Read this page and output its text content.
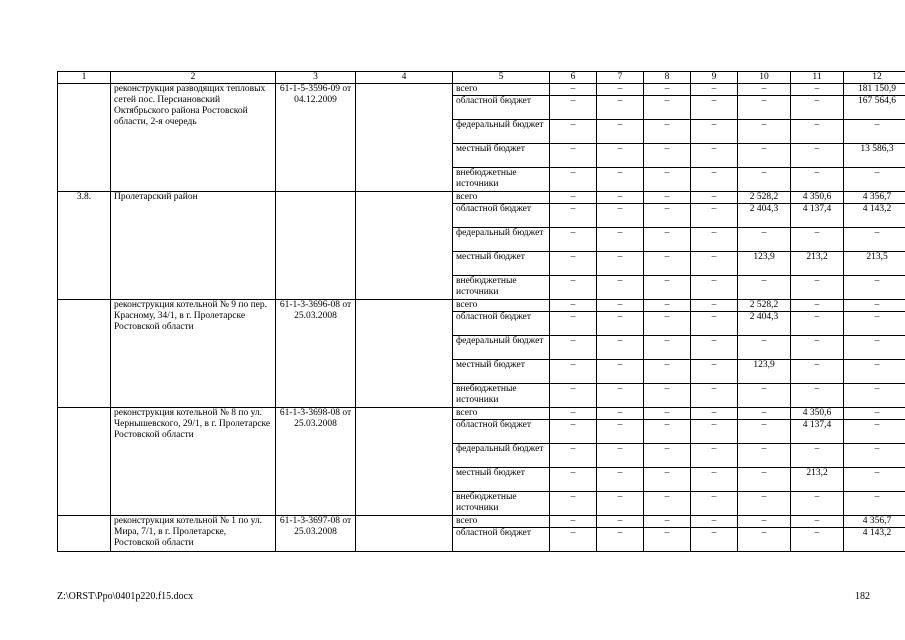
1	2	3	4	5	6	7	8	9	10	11	12
	реконструкция разводящих тепловых сетей пос. Персиановский Октябрьского района Ростовской области, 2-я очередь	61-1-5-3596-09 от 04.12.2009		всего	–	–	–	–	–	–	181 150,9
				областной бюджет	–	–	–	–	–	–	167 564,6
				федеральный бюджет	–	–	–	–	–	–	–
				местный бюджет	–	–	–	–	–	–	13 586,3
				внебюджетные источники	–	–	–	–	–	–	–
3.8.	Пролетарский район			всего	–	–	–	–	2 528,2	4 350,6	4 356,7
				областной бюджет	–	–	–	–	2 404,3	4 137,4	4 143,2
				федеральный бюджет	–	–	–	–	–	–	–
				местный бюджет	–	–	–	–	123,9	213,2	213,5
				внебюджетные источники	–	–	–	–	–	–	–
	реконструкция котельной № 9 по пер. Красному, 34/1, в г. Пролетарске Ростовской области	61-1-3-3696-08 от 25.03.2008		всего	–	–	–	–	2 528,2	–	–
				областной бюджет	–	–	–	–	2 404,3	–	–
				федеральный бюджет	–	–	–	–	–	–	–
				местный бюджет	–	–	–	–	123,9	–	–
				внебюджетные источники	–	–	–	–	–	–	–
	реконструкция котельной № 8 по ул. Чернышевского, 29/1, в г. Пролетарске Ростовской области	61-1-3-3698-08 от 25.03.2008		всего	–	–	–	–	–	4 350,6	–
				областной бюджет	–	–	–	–	–	4 137,4	–
				федеральный бюджет	–	–	–	–	–	–	–
				местный бюджет	–	–	–	–	–	213,2	–
				внебюджетные источники	–	–	–	–	–	–	–
	реконструкция котельной № 1 по ул. Мира, 7/1, в г. Пролетарске, Ростовской области	61-1-3-3697-08 от 25.03.2008		всего	–	–	–	–	–	–	4 356,7
				областной бюджет	–	–	–	–	–	–	4 143,2
Z:\ORST\Ppo\0401p220.f15.docx	182
